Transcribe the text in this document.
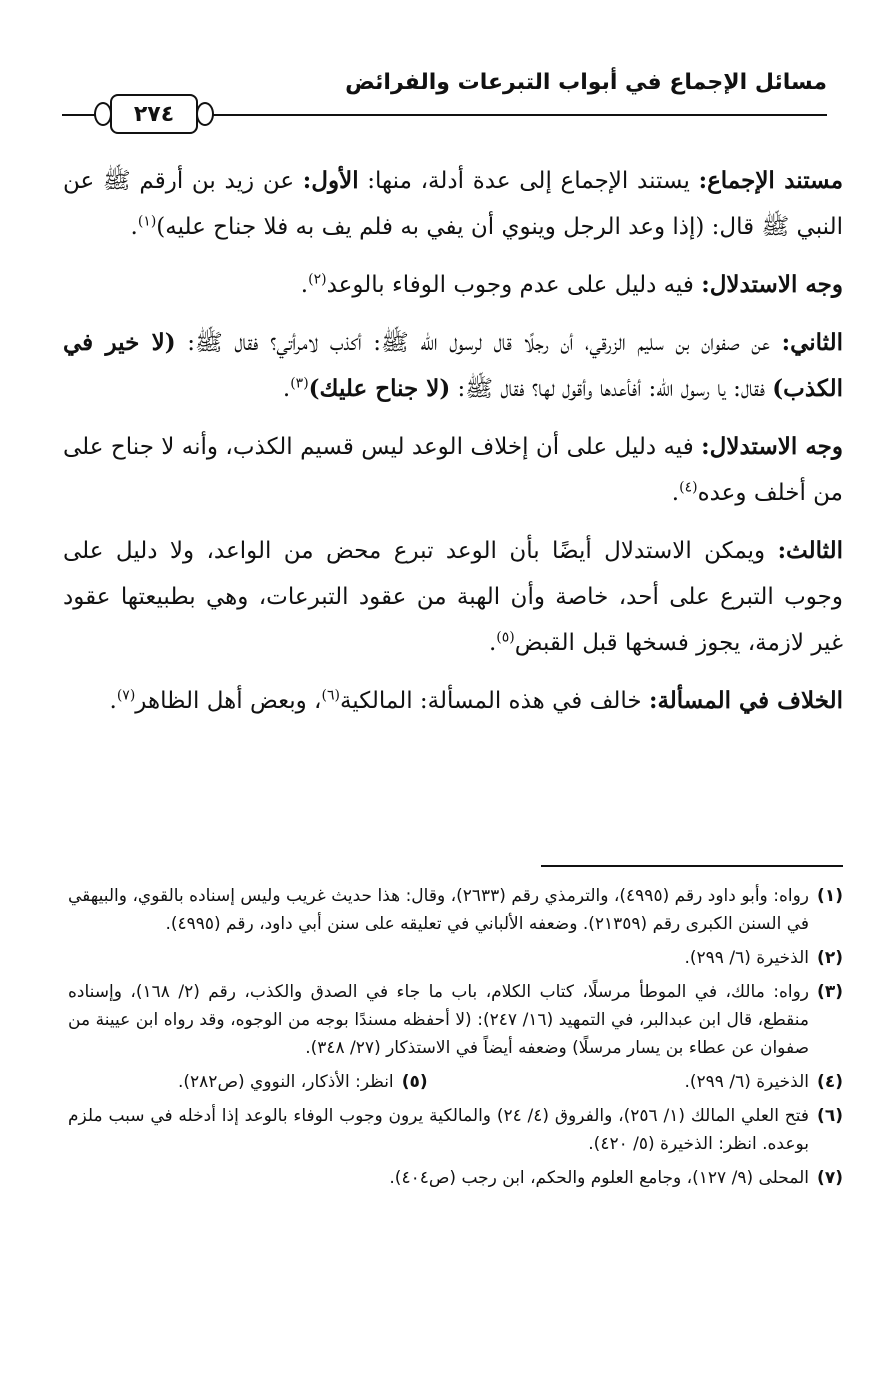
مسائل الإجماع في أبواب التبرعات والفرائض
٢٧٤

مستند الإجماع: يستند الإجماع إلى عدة أدلة، منها: الأول: عن زيد بن أرقم ﷺ عن النبي ﷺ قال: (إذا وعد الرجل وينوي أن يفي به فلم يف به فلا جناح عليه)$^{(١)}$.

وجه الاستدلال: فيه دليل على عدم وجوب الوفاء بالوعد$^{(٢)}$.

الثاني: عن صفوان بن سليم الزرقي، أن رجلًا قال لرسول الله ﷺ: أكذب لامرأتي؟ فقال ﷺ: (لا خير في الكذب) فقال: يا رسول الله: أفأعدها وأقول لها؟ فقال ﷺ: (لا جناح عليك)$^{(٣)}$.

وجه الاستدلال: فيه دليل على أن إخلاف الوعد ليس قسيم الكذب، وأنه لا جناح على من أخلف وعده$^{(٤)}$.

الثالث: ويمكن الاستدلال أيضًا بأن الوعد تبرع محض من الواعد، ولا دليل على وجوب التبرع على أحد، خاصة وأن الهبة من عقود التبرعات، وهي بطبيعتها عقود غير لازمة، يجوز فسخها قبل القبض$^{(٥)}$.

الخلاف في المسألة: خالف في هذه المسألة: المالكية$^{(٦)}$، وبعض أهل الظاهر$^{(٧)}$.

(١)
رواه: وأبو داود رقم (٤٩٩٥)، والترمذي رقم (٢٦٣٣)، وقال: هذا حديث غريب وليس إسناده بالقوي، والبيهقي في السنن الكبرى رقم (٢١٣٥٩). وضعفه الألباني في تعليقه على سنن أبي داود، رقم (٤٩٩٥).
(٢)
الذخيرة (٦/ ٢٩٩).
(٣)
رواه: مالك، في الموطأ مرسلًا، كتاب الكلام، باب ما جاء في الصدق والكذب، رقم (٢/ ١٦٨)، وإسناده منقطع، قال ابن عبدالبر، في التمهيد (١٦/ ٢٤٧): (لا أحفظه مسندًا بوجه من الوجوه، وقد رواه ابن عيينة من صفوان عن عطاء بن يسار مرسلًا) وضعفه أيضاً في الاستذكار (٢٧/ ٣٤٨).
(٤)
الذخيرة (٦/ ٢٩٩).
(٥)
انظر: الأذكار، النووي (ص٢٨٢).
(٦)
فتح العلي المالك (١/ ٢٥٦)، والفروق (٤/ ٢٤) والمالكية يرون وجوب الوفاء بالوعد إذا أدخله في سبب ملزم بوعده. انظر: الذخيرة (٥/ ٤٢٠).
(٧)
المحلى (٩/ ١٢٧)، وجامع العلوم والحكم، ابن رجب (ص٤٠٤).
